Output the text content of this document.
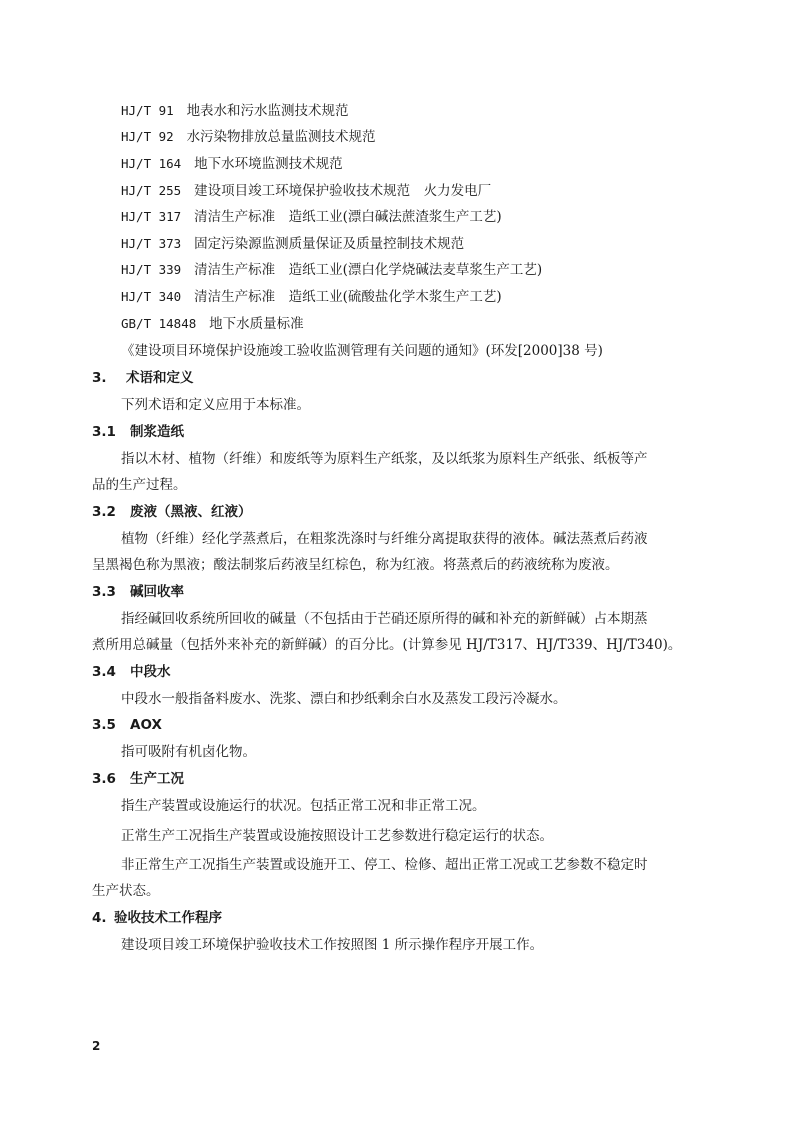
HJ/T 91 地表水和污水监测技术规范
HJ/T 92 水污染物排放总量监测技术规范
HJ/T 164 地下水环境监测技术规范
HJ/T 255 建设项目竣工环境保护验收技术规范　火力发电厂
HJ/T 317 清洁生产标准　造纸工业(漂白碱法蔗渣浆生产工艺)
HJ/T 373 固定污染源监测质量保证及质量控制技术规范
HJ/T 339 清洁生产标准　造纸工业(漂白化学烧碱法麦草浆生产工艺)
HJ/T 340 清洁生产标准　造纸工业(硫酸盐化学木浆生产工艺)
GB/T 14848 地下水质量标准
《建设项目环境保护设施竣工验收监测管理有关问题的通知》(环发[2000]38 号)
3. 术语和定义
下列术语和定义应用于本标准。
3.1 制浆造纸
指以木材、植物（纤维）和废纸等为原料生产纸浆，及以纸浆为原料生产纸张、纸板等产
品的生产过程。
3.2 废液（黑液、红液）
植物（纤维）经化学蒸煮后，在粗浆洗涤时与纤维分离提取获得的液体。碱法蒸煮后药液
呈黑褐色称为黑液；酸法制浆后药液呈红棕色，称为红液。将蒸煮后的药液统称为废液。
3.3 碱回收率
指经碱回收系统所回收的碱量（不包括由于芒硝还原所得的碱和补充的新鲜碱）占本期蒸
煮所用总碱量（包括外来补充的新鲜碱）的百分比。(计算参见 HJ/T317、HJ/T339、HJ/T340)。
3.4 中段水
中段水一般指备料废水、洗浆、漂白和抄纸剩余白水及蒸发工段污冷凝水。
3.5 AOX
指可吸附有机卤化物。
3.6 生产工况
指生产装置或设施运行的状况。包括正常工况和非正常工况。
正常生产工况指生产装置或设施按照设计工艺参数进行稳定运行的状态。
非正常生产工况指生产装置或设施开工、停工、检修、超出正常工况或工艺参数不稳定时
生产状态。
4. 验收技术工作程序
建设项目竣工环境保护验收技术工作按照图 1 所示操作程序开展工作。
2
